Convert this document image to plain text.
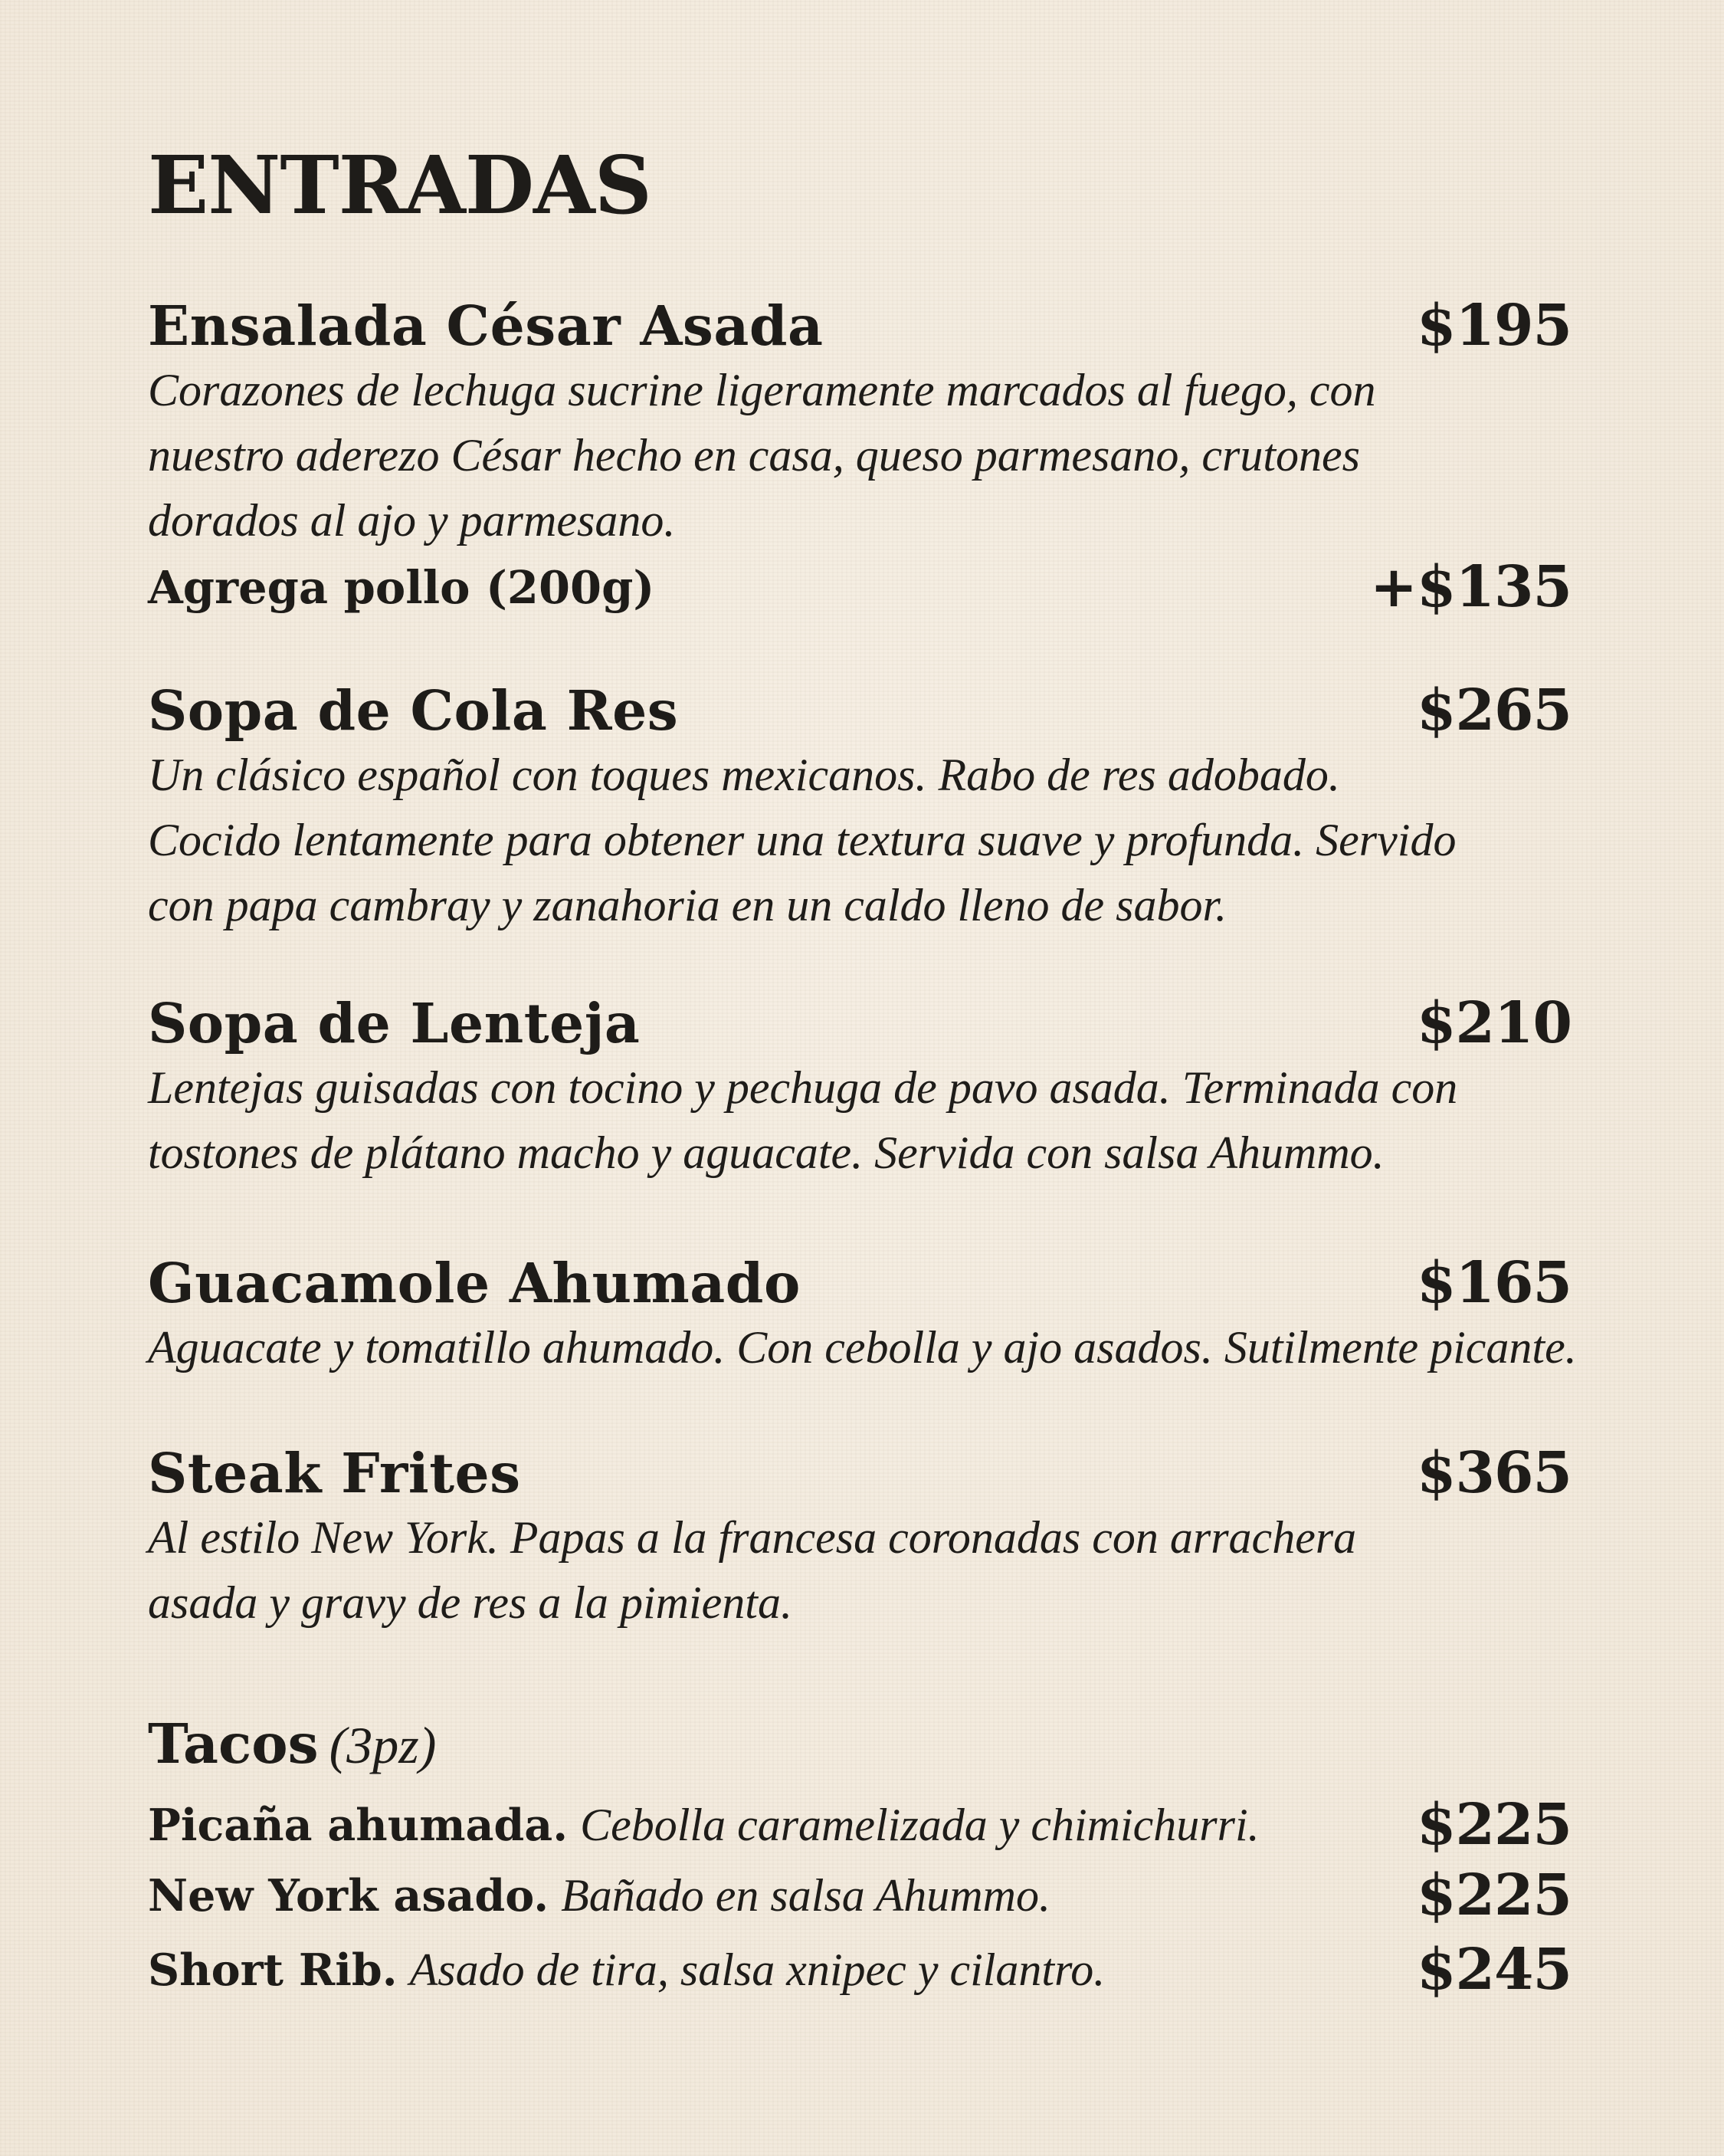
ENTRADAS
Ensalada César Asada	$195
Corazones de lechuga sucrine ligeramente marcados al fuego, con nuestro aderezo César hecho en casa, queso parmesano, crutones dorados al ajo y parmesano.
Agrega pollo (200g)	+$135
Sopa de Cola Res	$265
Un clásico español con toques mexicanos. Rabo de res adobado. Cocido lentamente para obtener una textura suave y profunda. Servido con papa cambray y zanahoria en un caldo lleno de sabor.
Sopa de Lenteja	$210
Lentejas guisadas con tocino y pechuga de pavo asada. Terminada con tostones de plátano macho y aguacate. Servida con salsa Ahummo.
Guacamole Ahumado	$165
Aguacate y tomatillo ahumado. Con cebolla y ajo asados. Sutilmente picante.
Steak Frites	$365
Al estilo New York. Papas a la francesa coronadas con arrachera asada y gravy de res a la pimienta.
Tacos (3pz)
Picaña ahumada. Cebolla caramelizada y chimichurri.	$225
New York asado. Bañado en salsa Ahummo.	$225
Short Rib. Asado de tira, salsa xnipec y cilantro.	$245
